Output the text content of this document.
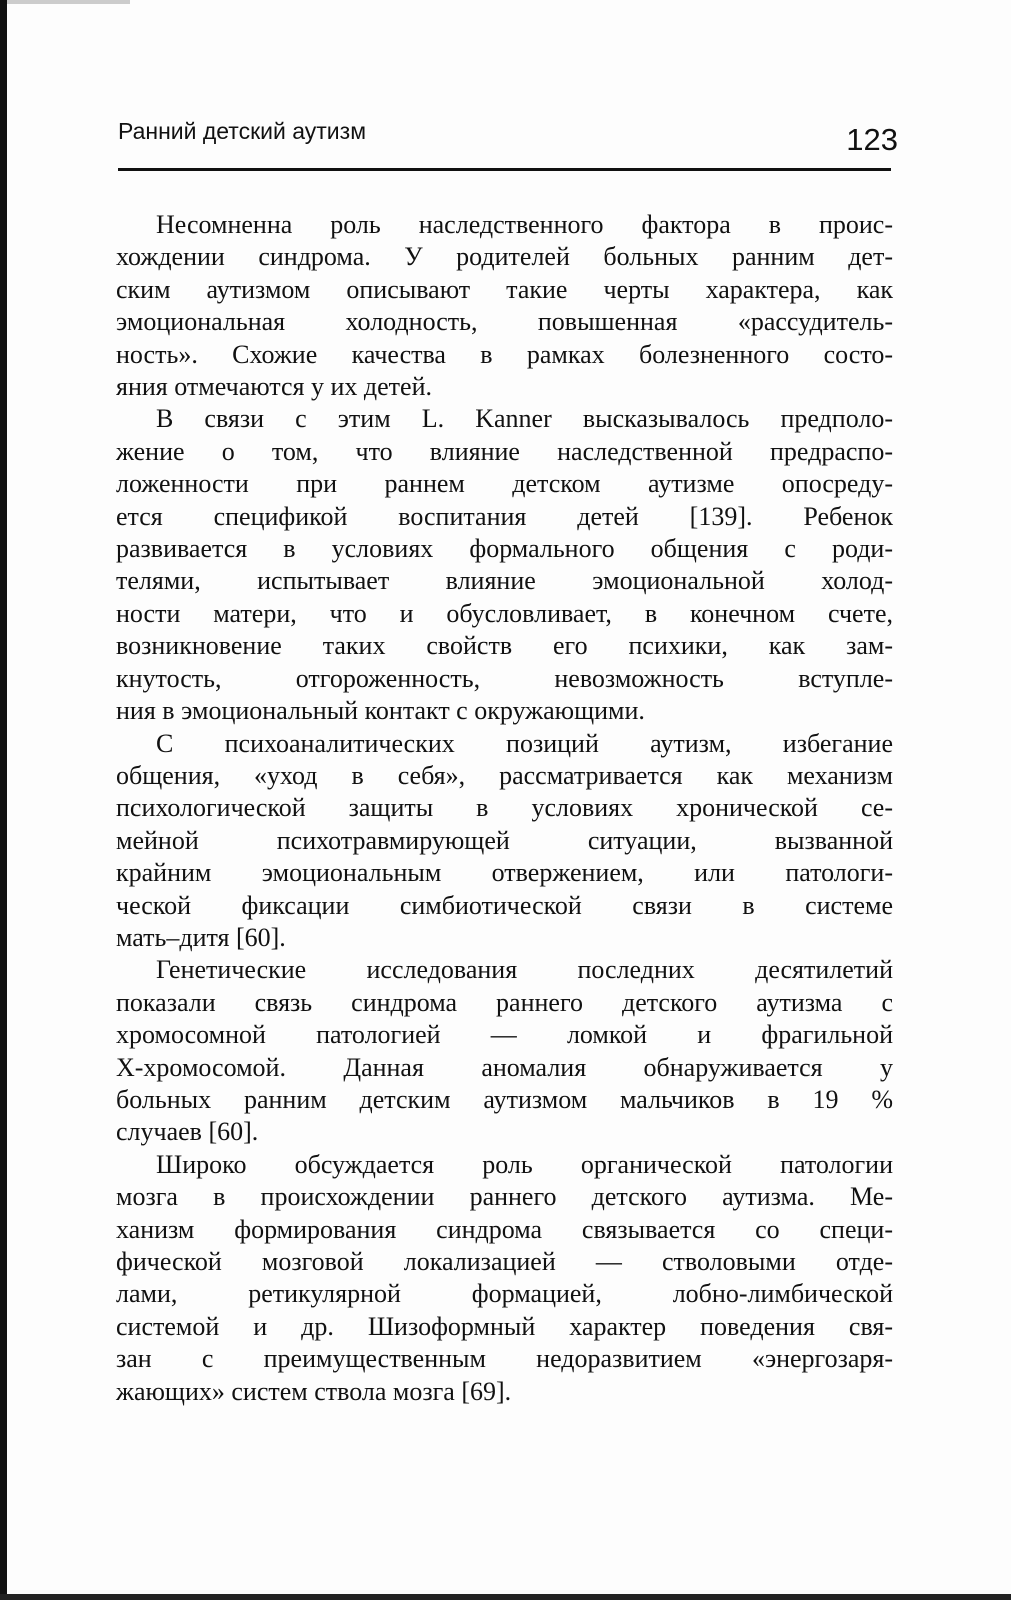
Ранний детский аутизм	123
Несомненна роль наследственного фактора в проис-
хождении синдрома. У родителей больных ранним дет-
ским аутизмом описывают такие черты характера, как
эмоциональная холодность, повышенная «рассудитель-
ность». Схожие качества в рамках болезненного состо-
яния отмечаются у их детей.
В связи с этим L. Kanner высказывалось предполо-
жение о том, что влияние наследственной предраспо-
ложенности при раннем детском аутизме опосреду-
ется спецификой воспитания детей [139]. Ребенок
развивается в условиях формального общения с роди-
телями, испытывает влияние эмоциональной холод-
ности матери, что и обусловливает, в конечном счете,
возникновение таких свойств его психики, как зам-
кнутость, отгороженность, невозможность вступле-
ния в эмоциональный контакт с окружающими.
С психоаналитических позиций аутизм, избегание
общения, «уход в себя», рассматривается как механизм
психологической защиты в условиях хронической се-
мейной психотравмирующей ситуации, вызванной
крайним эмоциональным отвержением, или патологи-
ческой фиксации симбиотической связи в системе
мать–дитя [60].
Генетические исследования последних десятилетий
показали связь синдрома раннего детского аутизма с
хромосомной патологией — ломкой и фрагильной
Х-хромосомой. Данная аномалия обнаруживается у
больных ранним детским аутизмом мальчиков в 19 %
случаев [60].
Широко обсуждается роль органической патологии
мозга в происхождении раннего детского аутизма. Ме-
ханизм формирования синдрома связывается со специ-
фической мозговой локализацией — стволовыми отде-
лами, ретикулярной формацией, лобно-лимбической
системой и др. Шизоформный характер поведения свя-
зан с преимущественным недоразвитием «энергозаря-
жающих» систем ствола мозга [69].
